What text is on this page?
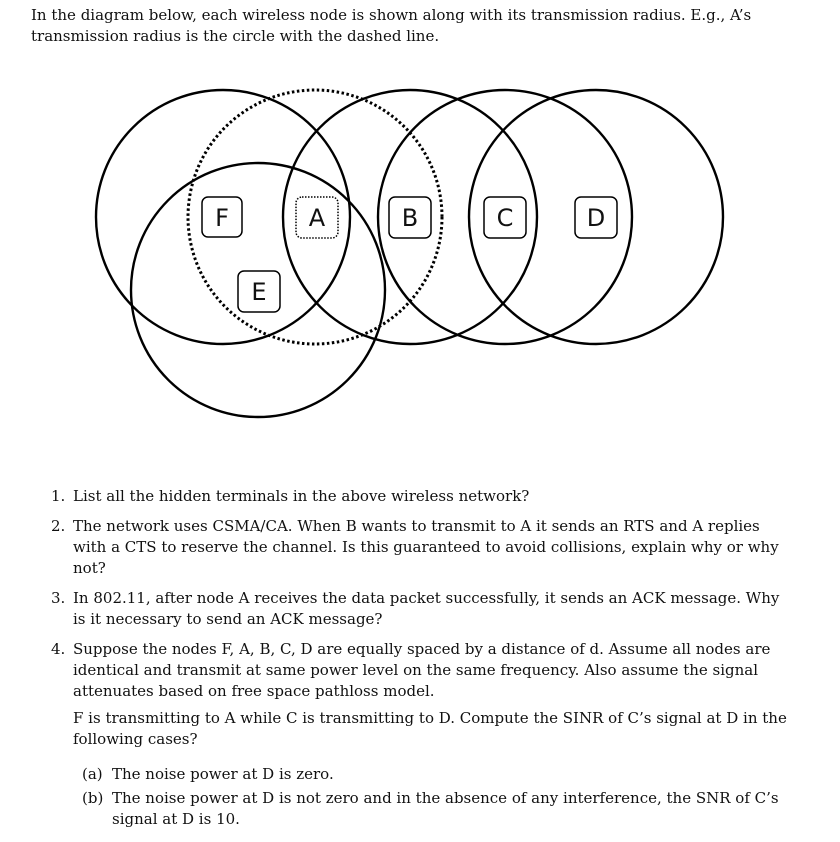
In the diagram below, each wireless node is shown along with its transmission radius. E.g., A’s transmission radius is the circle with the dashed line.

F	A	B	C	D
E
1. List all the hidden terminals in the above wireless network?

2. The network uses CSMA/CA. When B wants to transmit to A it sends an RTS and A replies with a CTS to reserve the channel. Is this guaranteed to avoid collisions, explain why or why not?

3. In 802.11, after node A receives the data packet successfully, it sends an ACK message. Why is it necessary to send an ACK message?

4. Suppose the nodes F, A, B, C, D are equally spaced by a distance of d. Assume all nodes are identical and transmit at same power level on the same frequency. Also assume the signal attenuates based on free space pathloss model.

F is transmitting to A while C is transmitting to D. Compute the SINR of C’s signal at D in the following cases?

(a) The noise power at D is zero.
(b) The noise power at D is not zero and in the absence of any interference, the SNR of C’s signal at D is 10.
